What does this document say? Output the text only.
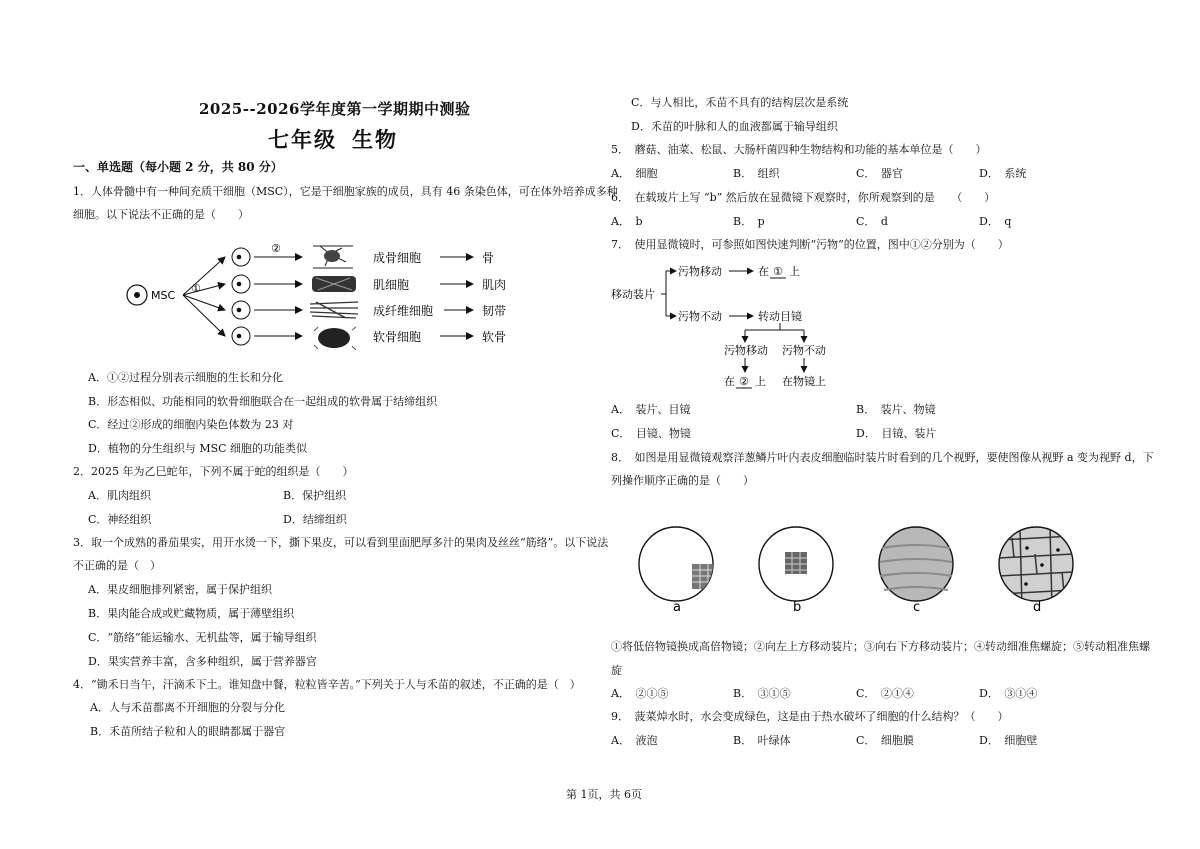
2025--2026学年度第一学期期中测验
七年级 生物
一、单选题（每小题 2 分，共 80 分）
1．人体骨髓中有一种间充质干细胞（MSC），它是干细胞家族的成员，具有 46 条染色体，可在体外培养成多种
细胞。以下说法不正确的是（　　）
MSC
①
②
成骨细胞
肌细胞
成纤维细胞
软骨细胞
骨
肌肉
韧带
软骨
A．①②过程分别表示细胞的生长和分化
B．形态相似、功能相同的软骨细胞联合在一起组成的软骨属于结缔组织
C．经过②形成的细胞内染色体数为 23 对
D．植物的分生组织与 MSC 细胞的功能类似
2．2025 年为乙巳蛇年，下列不属于蛇的组织是（　　）
A．肌肉组织	B．保护组织
C．神经组织	D．结缔组织
3．取一个成熟的番茄果实，用开水烫一下，撕下果皮，可以看到里面肥厚多汁的果肉及丝丝“筋络”。以下说法
不正确的是（　）
A．果皮细胞排列紧密，属于保护组织
B．果肉能合成或贮藏物质，属于薄壁组织
C．“筋络”能运输水、无机盐等，属于输导组织
D．果实营养丰富，含多种组织，属于营养器官
4．“锄禾日当午，汗滴禾下土。谁知盘中餐，粒粒皆辛苦。”下列关于人与禾苗的叙述，不正确的是（　）
A．人与禾苗都离不开细胞的分裂与分化
B．禾苗所结子粒和人的眼睛都属于器官
C．与人相比，禾苗不具有的结构层次是系统
D．禾苗的叶脉和人的血液都属于输导组织
5．　蘑菇、油菜、松鼠、大肠杆菌四种生物结构和功能的基本单位是（　　）
A．　细胞	B．　组织	C．　器官	D．　系统
6．　在载玻片上写 “b” 然后放在显微镜下观察时，你所观察到的是　　（　　）
A．　b	B．　p	C．　d	D．　q
7．　使用显微镜时，可参照如图快速判断“污物”的位置，图中①②分别为（　　）
移动装片
污物移动	在 ① 上
污物不动	转动目镜
污物移动 污物不动
在 ② 上 在物镜上
A．　装片、目镜	B．　装片、物镜
C．　目镜、物镜	D．　目镜、装片
8．　如图是用显微镜观察洋葱鳞片叶内表皮细胞临时装片时看到的几个视野，要使图像从视野 a 变为视野 d，下
列操作顺序正确的是（　　）
a	b	c	d
①将低倍物镜换成高倍物镜；②向左上方移动装片；③向右下方移动装片；④转动细准焦螺旋；⑤转动粗准焦螺
旋
A．　②①⑤	B．　③①⑤	C．　②①④	D．　③①④
9．　菠菜焯水时，水会变成绿色，这是由于热水破坏了细胞的什么结构？（　　）
A．　液泡	B．　叶绿体	C．　细胞膜	D．　细胞壁
第 1页，共 6页
